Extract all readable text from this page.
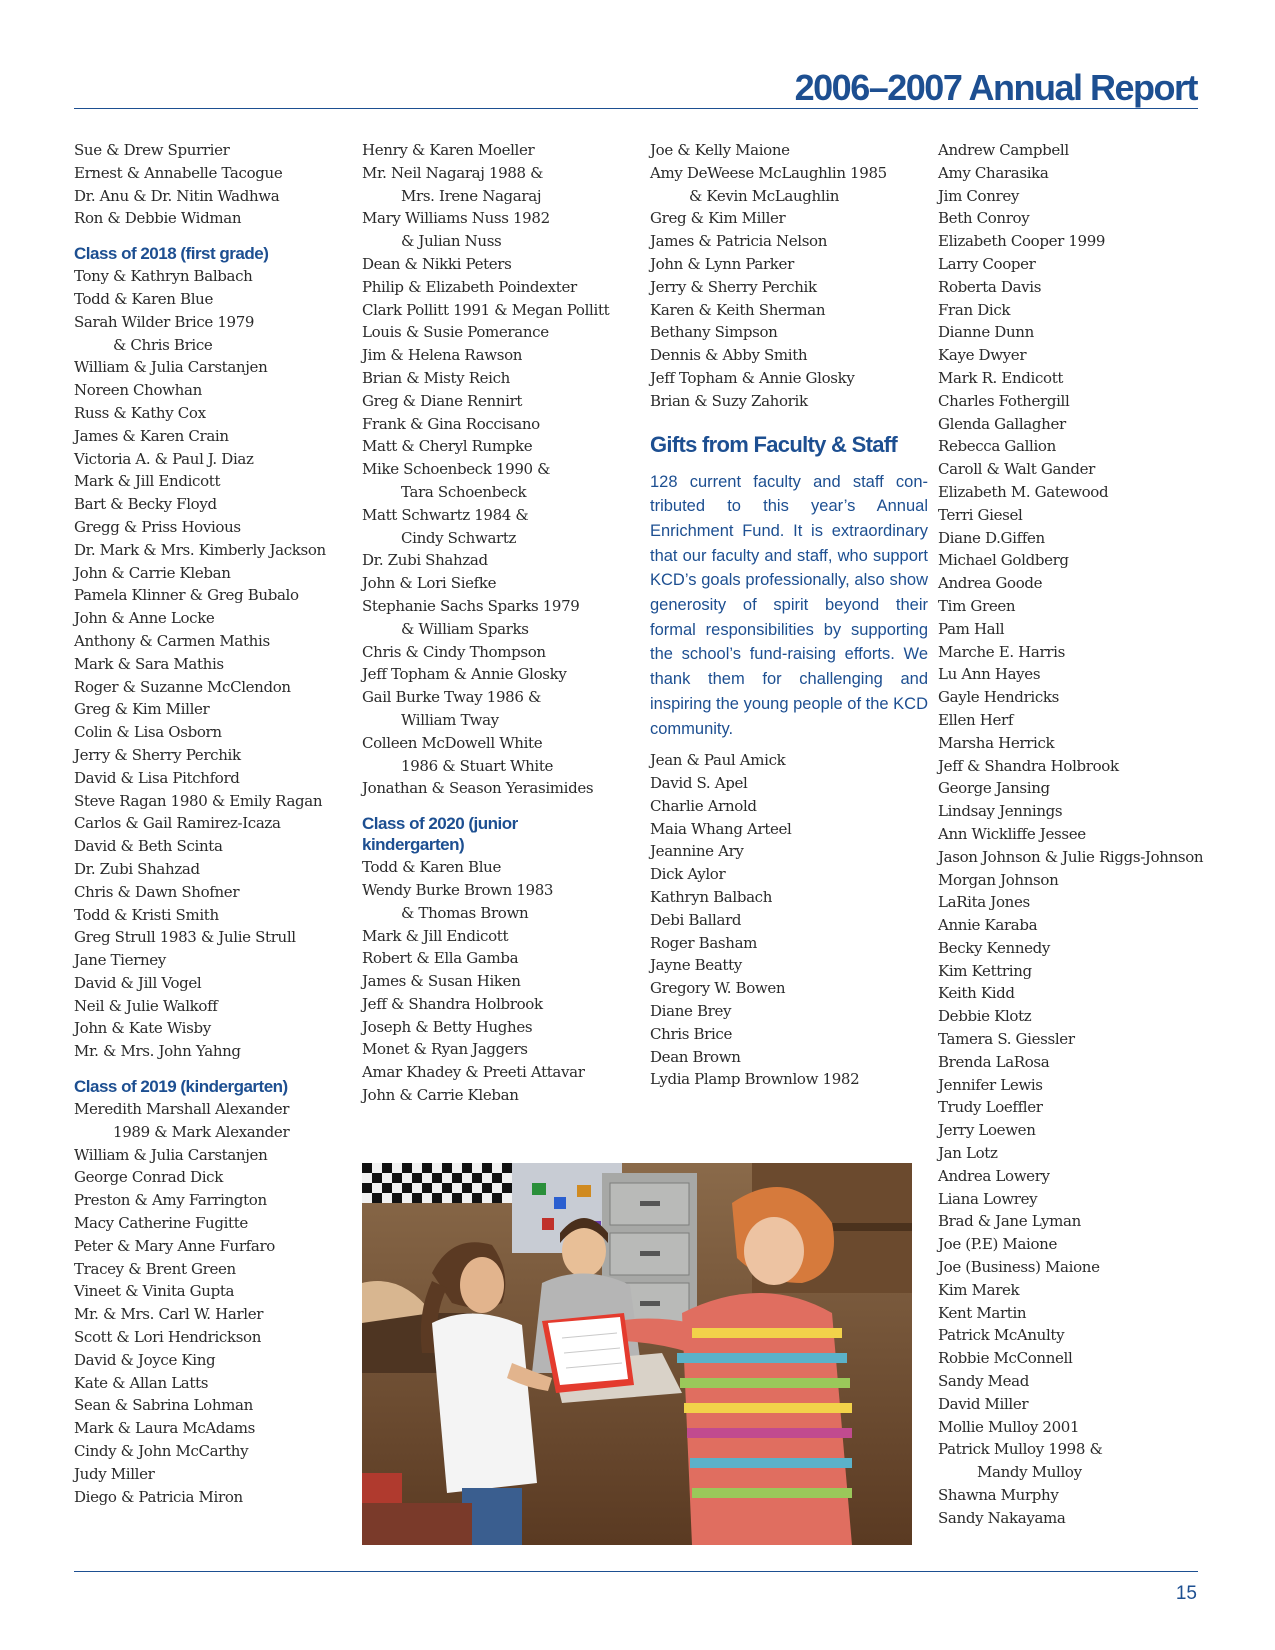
2006–2007 Annual Report
Sue & Drew Spurrier
Ernest & Annabelle Tacogue
Dr. Anu & Dr. Nitin Wadhwa
Ron & Debbie Widman
Class of 2018 (first grade)
Tony & Kathryn Balbach
Todd & Karen Blue
Sarah Wilder Brice 1979
& Chris Brice
William & Julia Carstanjen
Noreen Chowhan
Russ & Kathy Cox
James & Karen Crain
Victoria A. & Paul J. Diaz
Mark & Jill Endicott
Bart & Becky Floyd
Gregg & Priss Hovious
Dr. Mark & Mrs. Kimberly Jackson
John & Carrie Kleban
Pamela Klinner & Greg Bubalo
John & Anne Locke
Anthony & Carmen Mathis
Mark & Sara Mathis
Roger & Suzanne McClendon
Greg & Kim Miller
Colin & Lisa Osborn
Jerry & Sherry Perchik
David & Lisa Pitchford
Steve Ragan 1980 & Emily Ragan
Carlos & Gail Ramirez-Icaza
David & Beth Scinta
Dr. Zubi Shahzad
Chris & Dawn Shofner
Todd & Kristi Smith
Greg Strull 1983 & Julie Strull
Jane Tierney
David & Jill Vogel
Neil & Julie Walkoff
John & Kate Wisby
Mr. & Mrs. John Yahng
Class of 2019 (kindergarten)
Meredith Marshall Alexander
1989 & Mark Alexander
William & Julia Carstanjen
George Conrad Dick
Preston & Amy Farrington
Macy Catherine Fugitte
Peter & Mary Anne Furfaro
Tracey & Brent Green
Vineet & Vinita Gupta
Mr. & Mrs. Carl W. Harler
Scott & Lori Hendrickson
David & Joyce King
Kate & Allan Latts
Sean & Sabrina Lohman
Mark & Laura McAdams
Cindy & John McCarthy
Judy Miller
Diego & Patricia Miron
Henry & Karen Moeller
Mr. Neil Nagaraj 1988 &
Mrs. Irene Nagaraj
Mary Williams Nuss 1982
& Julian Nuss
Dean & Nikki Peters
Philip & Elizabeth Poindexter
Clark Pollitt 1991 & Megan Pollitt
Louis & Susie Pomerance
Jim & Helena Rawson
Brian & Misty Reich
Greg & Diane Rennirt
Frank & Gina Roccisano
Matt & Cheryl Rumpke
Mike Schoenbeck 1990 &
Tara Schoenbeck
Matt Schwartz 1984 &
Cindy Schwartz
Dr. Zubi Shahzad
John & Lori Siefke
Stephanie Sachs Sparks 1979
& William Sparks
Chris & Cindy Thompson
Jeff Topham & Annie Glosky
Gail Burke Tway 1986 &
William Tway
Colleen McDowell White
1986 & Stuart White
Jonathan & Season Yerasimides
Class of 2020 (junior kindergarten)
Todd & Karen Blue
Wendy Burke Brown 1983
& Thomas Brown
Mark & Jill Endicott
Robert & Ella Gamba
James & Susan Hiken
Jeff & Shandra Holbrook
Joseph & Betty Hughes
Monet & Ryan Jaggers
Amar Khadey & Preeti Attavar
John & Carrie Kleban
Joe & Kelly Maione
Amy DeWeese McLaughlin 1985
& Kevin McLaughlin
Greg & Kim Miller
James & Patricia Nelson
John & Lynn Parker
Jerry & Sherry Perchik
Karen & Keith Sherman
Bethany Simpson
Dennis & Abby Smith
Jeff Topham & Annie Glosky
Brian & Suzy Zahorik
Gifts from Faculty & Staff

128 current faculty and staff contributed to this year’s Annual Enrichment Fund. It is extraordinary that our faculty and staff, who support KCD’s goals professionally, also show generosity of spirit beyond their formal responsibilities by supporting the school’s fund-raising efforts. We thank them for challenging and inspiring the young people of the KCD community.

Jean & Paul Amick
David S. Apel
Charlie Arnold
Maia Whang Arteel
Jeannine Ary
Dick Aylor
Kathryn Balbach
Debi Ballard
Roger Basham
Jayne Beatty
Gregory W. Bowen
Diane Brey
Chris Brice
Dean Brown
Lydia Plamp Brownlow 1982
Andrew Campbell
Amy Charasika
Jim Conrey
Beth Conroy
Elizabeth Cooper 1999
Larry Cooper
Roberta Davis
Fran Dick
Dianne Dunn
Kaye Dwyer
Mark R. Endicott
Charles Fothergill
Glenda Gallagher
Rebecca Gallion
Caroll & Walt Gander
Elizabeth M. Gatewood
Terri Giesel
Diane D.Giffen
Michael Goldberg
Andrea Goode
Tim Green
Pam Hall
Marche E. Harris
Lu Ann Hayes
Gayle Hendricks
Ellen Herf
Marsha Herrick
Jeff & Shandra Holbrook
George Jansing
Lindsay Jennings
Ann Wickliffe Jessee
Jason Johnson & Julie Riggs-Johnson
Morgan Johnson
LaRita Jones
Annie Karaba
Becky Kennedy
Kim Kettring
Keith Kidd
Debbie Klotz
Tamera S. Giessler
Brenda LaRosa
Jennifer Lewis
Trudy Loeffler
Jerry Loewen
Jan Lotz
Andrea Lowery
Liana Lowrey
Brad & Jane Lyman
Joe (P.E) Maione
Joe (Business) Maione
Kim Marek
Kent Martin
Patrick McAnulty
Robbie McConnell
Sandy Mead
David Miller
Mollie Mulloy 2001
Patrick Mulloy 1998 &
Mandy Mulloy
Shawna Murphy
Sandy Nakayama
15
